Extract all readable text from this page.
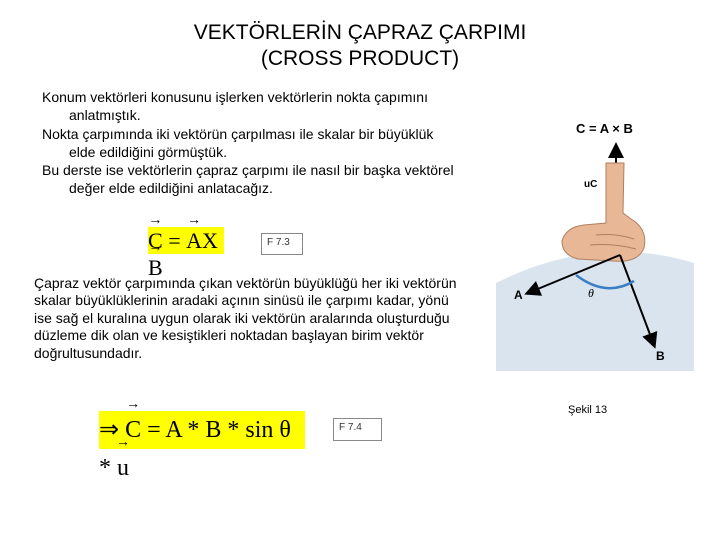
VEKTÖRLERİN ÇAPRAZ ÇARPIMI
(CROSS PRODUCT)

Konum vektörleri konusunu işlerken vektörlerin nokta çapımını anlatmıştık.

Nokta çarpımında iki vektörün çarpılması ile skalar bir büyüklük elde edildiğini görmüştük.

Bu derste ise vektörlerin çapraz çarpımı ile nasıl bir başka vektörel değer elde edildiğini anlatacağız.

→ C = → AX→ B
F 7.3
Çapraz vektör çarpımında çıkan vektörün büyüklüğü her iki vektörün skalar büyüklüklerinin aradaki açının sinüsü ile çarpımı kadar, yönü ise sağ el kuralına uygun olarak iki vektörün aralarında oluşturduğu düzleme dik olan ve kesiştikleri noktadan başlayan birim vektör doğrultusundadır.
⇒ → C = A * B * sin θ * → u
F 7.4
C = A × B
uC
A
B
θ
Şekil 13
